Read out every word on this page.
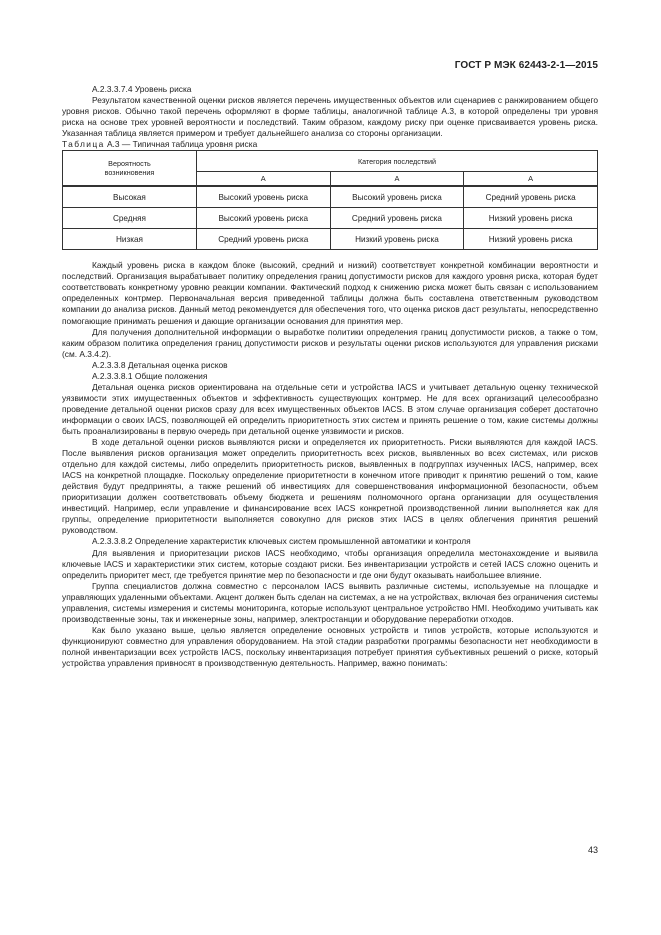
ГОСТ Р МЭК 62443-2-1—2015

А.2.3.3.7.4 Уровень риска

Результатом качественной оценки рисков является перечень имущественных объектов или сценариев с ранжированием общего уровня рисков. Обычно такой перечень оформляют в форме таблицы, аналогичной таблице А.3, в которой определены три уровня риска на основе трех уровней вероятности и последствий. Таким образом, каждому риску при оценке присваивается уровень риска. Указанная таблица является примером и требует дальнейшего анализа со стороны организации.

Таблица А.3 — Типичная таблица уровня риска

Вероятность возникновения	Категория последствий		
	А	А	А
Высокая	Высокий уровень риска	Высокий уровень риска	Средний уровень риска
Средняя	Высокий уровень риска	Средний уровень риска	Низкий уровень риска
Низкая	Средний уровень риска	Низкий уровень риска	Низкий уровень риска

Каждый уровень риска в каждом блоке (высокий, средний и низкий) соответствует конкретной комбинации вероятности и последствий. Организация вырабатывает политику определения границ допустимости рисков для каждого уровня риска, которая будет соответствовать конкретному уровню реакции компании. Фактический подход к снижению риска может быть связан с использованием определенных контрмер. Первоначальная версия приведенной таблицы должна быть составлена ответственным руководством компании до анализа рисков. Данный метод рекомендуется для обеспечения того, что оценка рисков даст результаты, непосредственно помогающие принимать решения и дающие организации основания для принятия мер.

Для получения дополнительной информации о выработке политики определения границ допустимости рисков, а также о том, каким образом политика определения границ допустимости рисков и результаты оценки рисков используются для управления рисками (см. А.3.4.2).

А.2.3.3.8 Детальная оценка рисков

А.2.3.3.8.1 Общие положения

Детальная оценка рисков ориентирована на отдельные сети и устройства IACS и учитывает детальную оценку технической уязвимости этих имущественных объектов и эффективность существующих контрмер. Не для всех организаций целесообразно проведение детальной оценки рисков сразу для всех имущественных объектов IACS. В этом случае организация соберет достаточно информации о своих IACS, позволяющей ей определить приоритетность этих систем и принять решение о том, какие системы должны быть проанализированы в первую очередь при детальной оценке уязвимости и рисков.

В ходе детальной оценки рисков выявляются риски и определяется их приоритетность. Риски выявляются для каждой IACS. После выявления рисков организация может определить приоритетность всех рисков, выявленных во всех системах, или рисков отдельно для каждой системы, либо определить приоритетность рисков, выявленных в подгруппах изученных IACS, например, всех IACS на конкретной площадке. Поскольку определение приоритетности в конечном итоге приводит к принятию решений о том, какие действия будут предприняты, а также решений об инвестициях для совершенствования информационной безопасности, объем приоритизации должен соответствовать объему бюджета и решениям полномочного органа организации для осуществления инвестиций. Например, если управление и финансирование всех IACS конкретной производственной линии выполняется как для группы, определение приоритетности выполняется совокупно для рисков этих IACS в целях облегчения принятия решений руководством.

А.2.3.3.8.2 Определение характеристик ключевых систем промышленной автоматики и контроля

Для выявления и приоритезации рисков IACS необходимо, чтобы организация определила местонахождение и выявила ключевые IACS и характеристики этих систем, которые создают риски. Без инвентаризации устройств и сетей IACS сложно оценить и определить приоритет мест, где требуется принятие мер по безопасности и где они будут оказывать наибольшее влияние.

Группа специалистов должна совместно с персоналом IACS выявить различные системы, используемые на площадке и управляющих удаленными объектами. Акцент должен быть сделан на системах, а не на устройствах, включая без ограничения системы управления, системы измерения и системы мониторинга, которые используют центральное устройство HMI. Необходимо учитывать как производственные зоны, так и инженерные зоны, например, электростанции и оборудование переработки отходов.

Как было указано выше, целью является определение основных устройств и типов устройств, которые используются и функционируют совместно для управления оборудованием. На этой стадии разработки программы безопасности нет необходимости в полной инвентаризации всех устройств IACS, поскольку инвентаризация потребует принятия субъективных решений о риске, который устройства управления привносят в производственную деятельность. Например, важно понимать:

43
